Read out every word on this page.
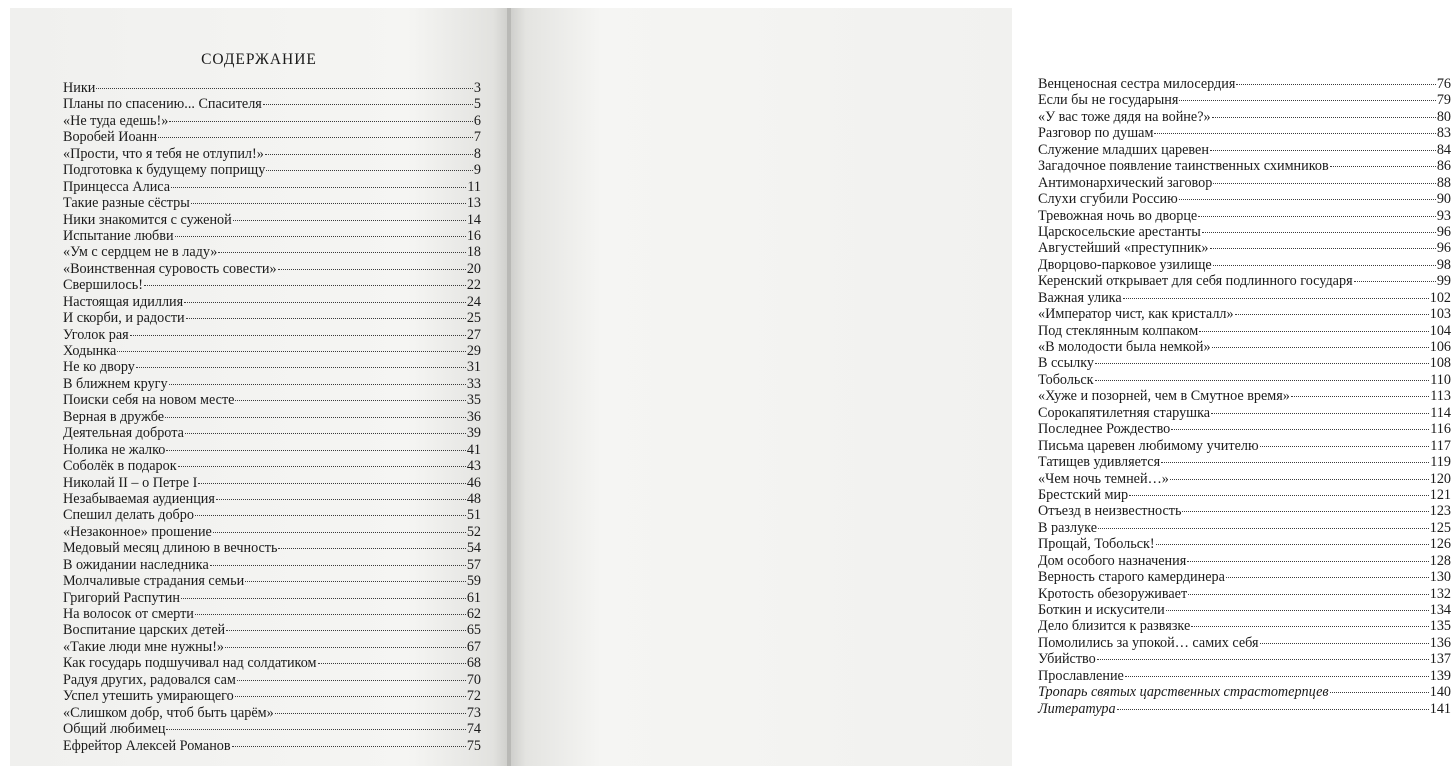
СОДЕРЖАНИЕ
Ники	3
Планы по спасению... Спасителя	5
«Не туда едешь!»	6
Воробей Иоанн	7
«Прости, что я тебя не отлупил!»	8
Подготовка к будущему поприщу	9
Принцесса Алиса	11
Такие разные сёстры	13
Ники знакомится с суженой	14
Испытание любви	16
«Ум с сердцем не в ладу»	18
«Воинственная суровость совести»	20
Свершилось!	22
Настоящая идиллия	24
И скорби, и радости	25
Уголок рая	27
Ходынка	29
Не ко двору	31
В ближнем кругу	33
Поиски себя на новом месте	35
Верная в дружбе	36
Деятельная доброта	39
Нолика не жалко	41
Соболёк в подарок	43
Николай II – о Петре I	46
Незабываемая аудиенция	48
Спешил делать добро	51
«Незаконное» прошение	52
Медовый месяц длиною в вечность	54
В ожидании наследника	57
Молчаливые страдания семьи	59
Григорий Распутин	61
На волосок от смерти	62
Воспитание царских детей	65
«Такие люди мне нужны!»	67
Как государь подшучивал над солдатиком	68
Радуя других, радовался сам	70
Успел утешить умирающего	72
«Слишком добр, чтоб быть царём»	73
Общий любимец	74
Ефрейтор Алексей Романов	75
Венценосная сестра милосердия	76
Если бы не государыня	79
«У вас тоже дядя на войне?»	80
Разговор по душам	83
Служение младших царевен	84
Загадочное появление таинственных схимников	86
Антимонархический заговор	88
Слухи сгубили Россию	90
Тревожная ночь во дворце	93
Царскосельские арестанты	96
Августейший «преступник»	96
Дворцово-парковое узилище	98
Керенский открывает для себя подлинного государя	99
Важная улика	102
«Император чист, как кристалл»	103
Под стеклянным колпаком	104
«В молодости была немкой»	106
В ссылку	108
Тобольск	110
«Хуже и позорней, чем в Смутное время»	113
Сорокапятилетняя старушка	114
Последнее Рождество	116
Письма царевен любимому учителю	117
Татищев удивляется	119
«Чем ночь темней…»	120
Брестский мир	121
Отъезд в неизвестность	123
В разлуке	125
Прощай, Тобольск!	126
Дом особого назначения	128
Верность старого камердинера	130
Кротость обезоруживает	132
Боткин и искусители	134
Дело близится к развязке	135
Помолились за упокой… самих себя	136
Убийство	137
Прославление	139
Тропарь святых царственных страстотерпцев	140
Литература	141
